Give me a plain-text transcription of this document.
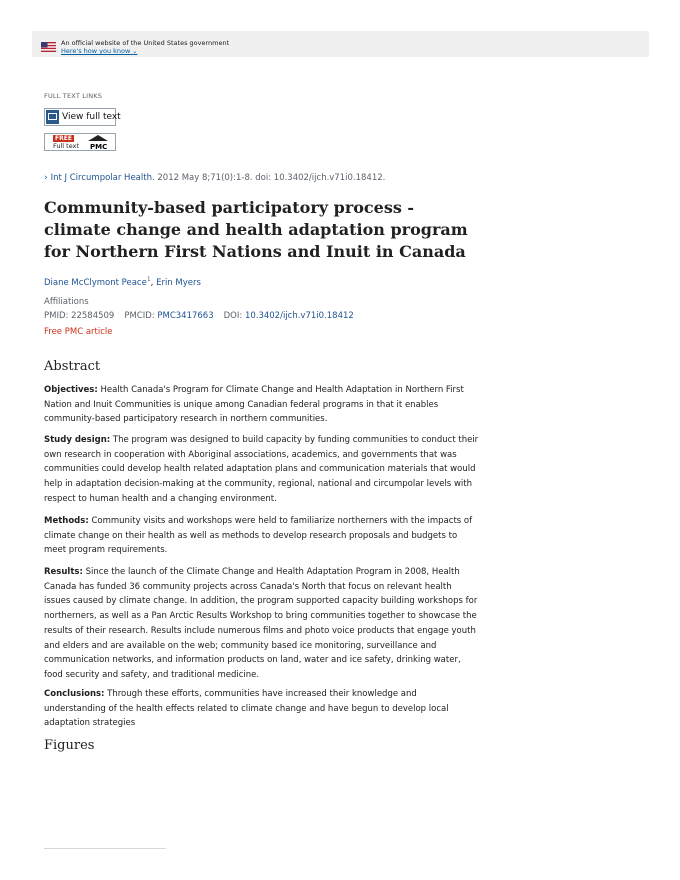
An official website of the United States government
Here's how you know ⌄
FULL TEXT LINKS
View full text
FREE
Full text PMC
› Int J Circumpolar Health. 2012 May 8;71(0):1-8. doi: 10.3402/ijch.v71i0.18412.
Community-based participatory process - climate change and health adaptation program for Northern First Nations and Inuit in Canada
Diane McClymont Peace$^1$, Erin Myers
Affiliations
PMID: 22584509 PMCID: PMC3417663 DOI: 10.3402/ijch.v71i0.18412
Free PMC article
Abstract

Objectives: Health Canada's Program for Climate Change and Health Adaptation in Northern First Nation and Inuit Communities is unique among Canadian federal programs in that it enables community-based participatory research in northern communities.

Study design: The program was designed to build capacity by funding communities to conduct their own research in cooperation with Aboriginal associations, academics, and governments that was communities could develop health related adaptation plans and communication materials that would help in adaptation decision-making at the community, regional, national and circumpolar levels with respect to human health and a changing environment.

Methods: Community visits and workshops were held to familiarize northerners with the impacts of climate change on their health as well as methods to develop research proposals and budgets to meet program requirements.

Results: Since the launch of the Climate Change and Health Adaptation Program in 2008, Health Canada has funded 36 community projects across Canada's North that focus on relevant health issues caused by climate change. In addition, the program supported capacity building workshops for northerners, as well as a Pan Arctic Results Workshop to bring communities together to showcase the results of their research. Results include numerous films and photo voice products that engage youth and elders and are available on the web; community based ice monitoring, surveillance and communication networks, and information products on land, water and ice safety, drinking water, food security and safety, and traditional medicine.

Conclusions: Through these efforts, communities have increased their knowledge and understanding of the health effects related to climate change and have begun to develop local adaptation strategies

Figures
